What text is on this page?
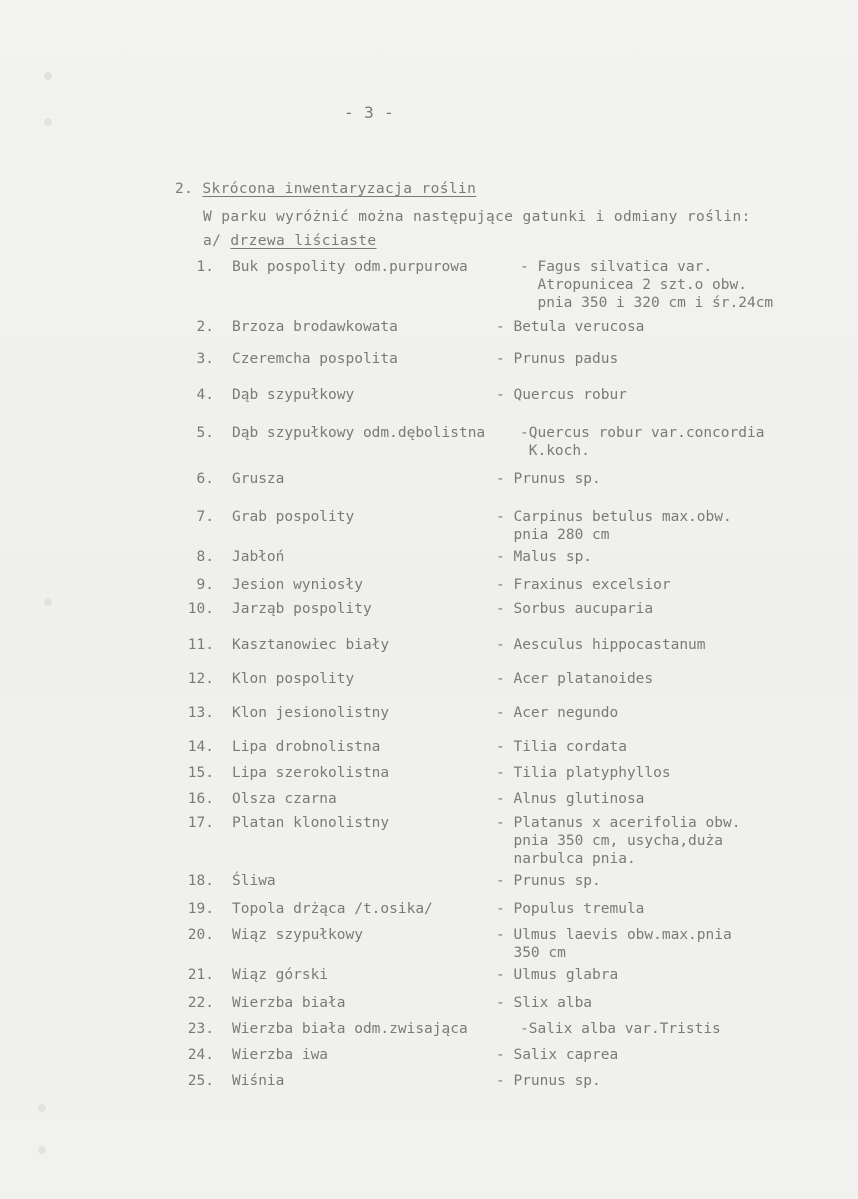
- 3 -
2. Skrócona inwentaryzacja roślin
W parku wyróżnić można następujące gatunki i odmiany roślin:
a/ drzewa liściaste
1. Buk pospolity odm.purpurowa	- Fagus silvatica var.
Atropunicea 2 szt.o obw.
pnia 350 i 320 cm i śr.24cm
2. Brzoza brodawkowata	- Betula verucosa
3. Czeremcha pospolita	- Prunus padus
4. Dąb szypułkowy	- Quercus robur
5. Dąb szypułkowy odm.dębolistna -Quercus robur var.concordia
K.koch.
6. Grusza	- Prunus sp.
7. Grab pospolity	- Carpinus betulus max.obw.
pnia 280 cm
8. Jabłoń	- Malus sp.
9. Jesion wyniosły	- Fraxinus excelsior
10. Jarząb pospolity	- Sorbus aucuparia
11. Kasztanowiec biały	- Aesculus hippocastanum
12. Klon pospolity	- Acer platanoides
13. Klon jesionolistny	- Acer negundo
14. Lipa drobnolistna	- Tilia cordata
15. Lipa szerokolistna	- Tilia platyphyllos
16. Olsza czarna	- Alnus glutinosa
17. Platan klonolistny	- Platanus x acerifolia obw.
pnia 350 cm, usycha,duża
narbulca pnia.
18. Śliwa	- Prunus sp.
19. Topola drżąca /t.osika/	- Populus tremula
20. Wiąz szypułkowy	- Ulmus laevis obw.max.pnia
350 cm
21. Wiąz górski	- Ulmus glabra
22. Wierzba biała	- Slix alba
23. Wierzba biała odm.zwisająca	-Salix alba var.Tristis
24. Wierzba iwa	- Salix caprea
25. Wiśnia	- Prunus sp.
